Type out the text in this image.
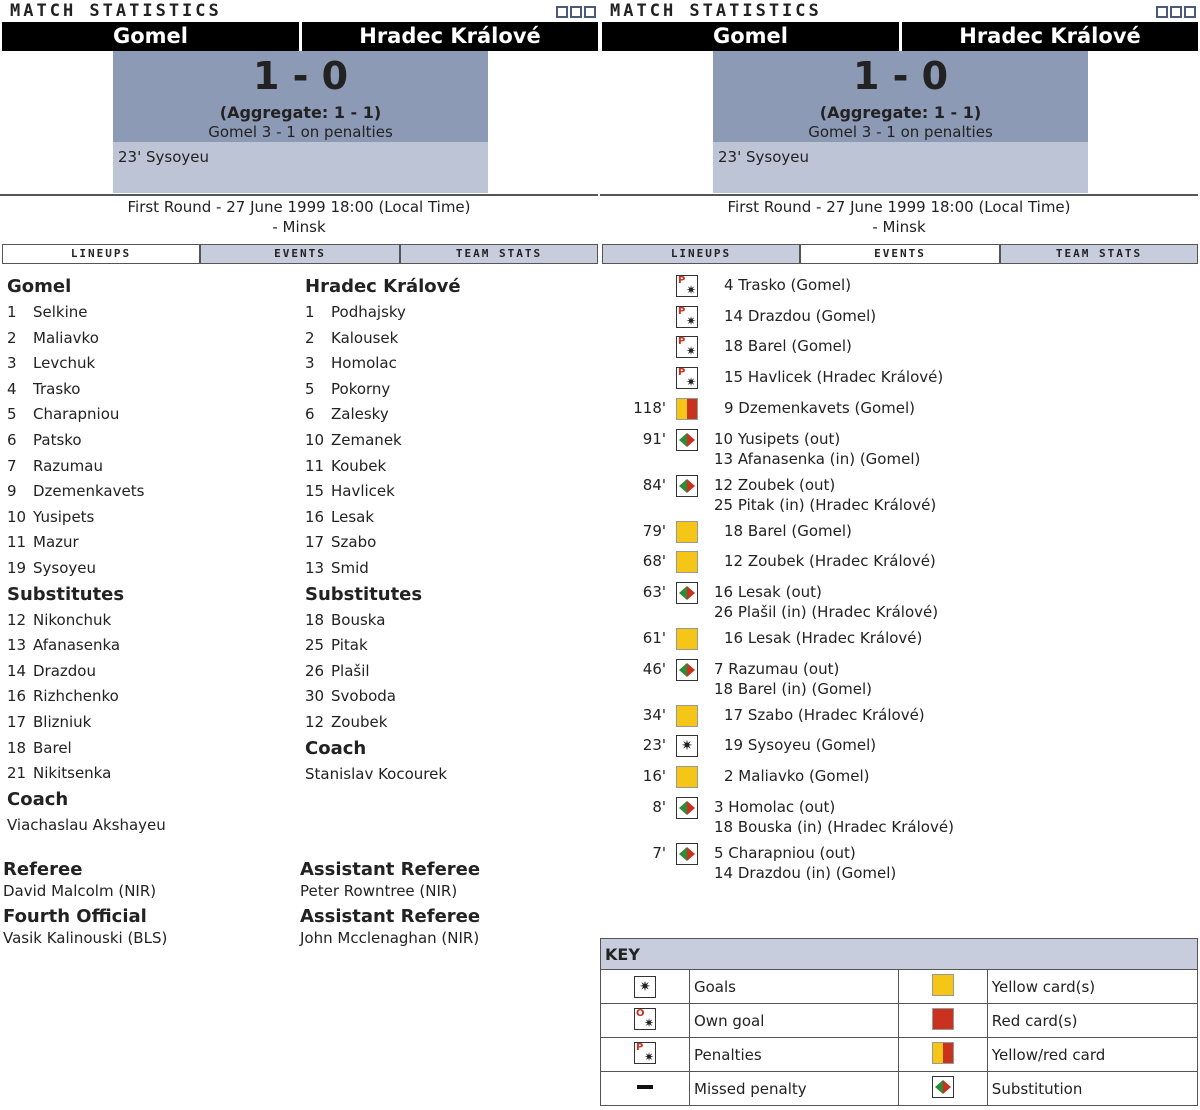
MATCH STATISTICS
Gomel	Hradec Králové
1 - 0
(Aggregate: 1 - 1)
Gomel 3 - 1 on penalties
23' Sysoyeu
First Round - 27 June 1999 18:00 (Local Time)
- Minsk
LINEUPS	EVENTS	TEAM STATS
Gomel
1 Selkine
2 Maliavko
3 Levchuk
4 Trasko
5 Charapniou
6 Patsko
7 Razumau
9 Dzemenkavets
10 Yusipets
11 Mazur
19 Sysoyeu
Substitutes
12 Nikonchuk
13 Afanasenka
14 Drazdou
16 Rizhchenko
17 Blizniuk
18 Barel
21 Nikitsenka
Coach
Viachaslau Akshayeu
Hradec Králové
1 Podhajsky
2 Kalousek
3 Homolac
5 Pokorny
6 Zalesky
10 Zemanek
11 Koubek
15 Havlicek
16 Lesak
17 Szabo
13 Smid
Substitutes
18 Bouska
25 Pitak
26 Plašil
30 Svoboda
12 Zoubek
Coach
Stanislav Kocourek
Referee
David Malcolm (NIR)
Fourth Official
Vasik Kalinouski (BLS)
Assistant Referee
Peter Rowntree (NIR)
Assistant Referee
John Mcclenaghan (NIR)
MATCH STATISTICS
Gomel	Hradec Králové
1 - 0
(Aggregate: 1 - 1)
Gomel 3 - 1 on penalties
23' Sysoyeu
First Round - 27 June 1999 18:00 (Local Time)
- Minsk
LINEUPS	EVENTS	TEAM STATS
P
✷ 4 Trasko (Gomel)
P
✷ 14 Drazdou (Gomel)
P
✷ 18 Barel (Gomel)
P
✷ 15 Havlicek (Hradec Králové)
118'	9 Dzemenkavets (Gomel)
91'	10 Yusipets (out)
13 Afanasenka (in) (Gomel)
84'	12 Zoubek (out)
25 Pitak (in) (Hradec Králové)
79'	18 Barel (Gomel)
68'	12 Zoubek (Hradec Králové)
63'	16 Lesak (out)
26 Plašil (in) (Hradec Králové)
61'	16 Lesak (Hradec Králové)
46'	7 Razumau (out)
18 Barel (in) (Gomel)
34'	17 Szabo (Hradec Králové)
23'	✷	19 Sysoyeu (Gomel)
16'	2 Maliavko (Gomel)
8'	3 Homolac (out)
18 Bouska (in) (Hradec Králové)
7'	5 Charapniou (out)
14 Drazdou (in) (Gomel)
KEY			
✷	Goals		Yellow card(s)

O
✷	Own goal		Red card(s)

P
✷	Penalties		Yellow/red card
	Missed penalty		Substitution
